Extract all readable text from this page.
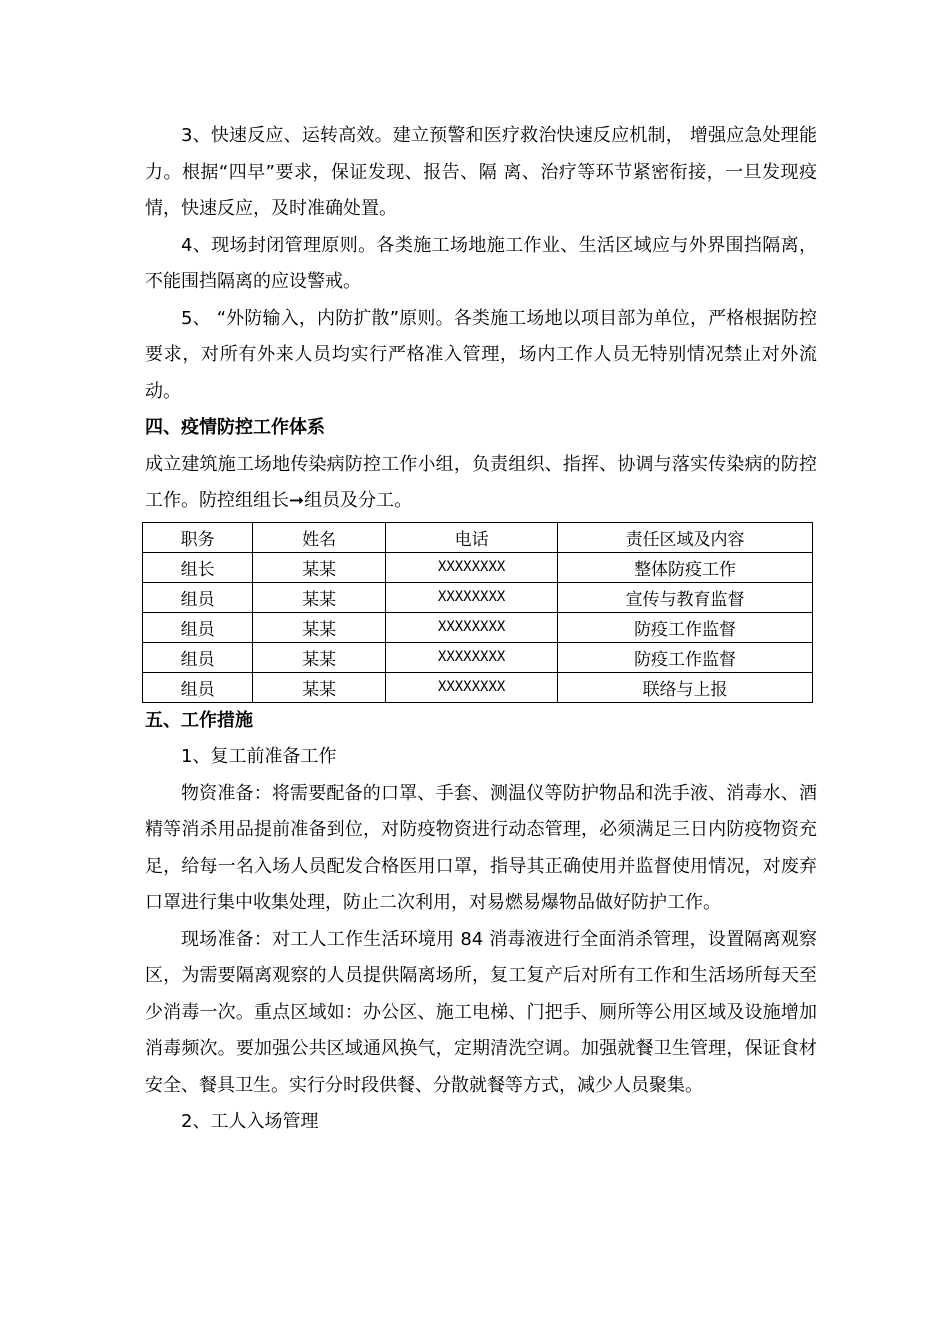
3、快速反应、运转高效。建立预警和医疗救治快速反应机制， 增强应急处理能力。根据“四早”要求，保证发现、报告、隔 离、治疗等环节紧密衔接，一旦发现疫情，快速反应，及时准确处置。

4、现场封闭管理原则。各类施工场地施工作业、生活区域应与外界围挡隔离，不能围挡隔离的应设警戒。

5、 “外防输入，内防扩散”原则。各类施工场地以项目部为单位，严格根据防控要求，对所有外来人员均实行严格准入管理，场内工作人员无特别情况禁止对外流动。

四、疫情防控工作体系

成立建筑施工场地传染病防控工作小组，负责组织、指挥、协调与落实传染病的防控工作。防控组组长➞组员及分工。

职务	姓名	电话	责任区域及内容
组长	某某	XXXXXXXX	整体防疫工作
组员	某某	XXXXXXXX	宣传与教育监督
组员	某某	XXXXXXXX	防疫工作监督
组员	某某	XXXXXXXX	防疫工作监督
组员	某某	XXXXXXXX	联络与上报

五、工作措施

1、复工前准备工作

物资准备：将需要配备的口罩、手套、测温仪等防护物品和洗手液、消毒水、酒精等消杀用品提前准备到位，对防疫物资进行动态管理，必须满足三日内防疫物资充足，给每一名入场人员配发合格医用口罩，指导其正确使用并监督使用情况，对废弃口罩进行集中收集处理，防止二次利用，对易燃易爆物品做好防护工作。

现场准备：对工人工作生活环境用 84 消毒液进行全面消杀管理，设置隔离观察区，为需要隔离观察的人员提供隔离场所，复工复产后对所有工作和生活场所每天至少消毒一次。重点区域如：办公区、施工电梯、门把手、厕所等公用区域及设施增加消毒频次。要加强公共区域通风换气，定期清洗空调。加强就餐卫生管理，保证食材安全、餐具卫生。实行分时段供餐、分散就餐等方式，减少人员聚集。

2、工人入场管理
